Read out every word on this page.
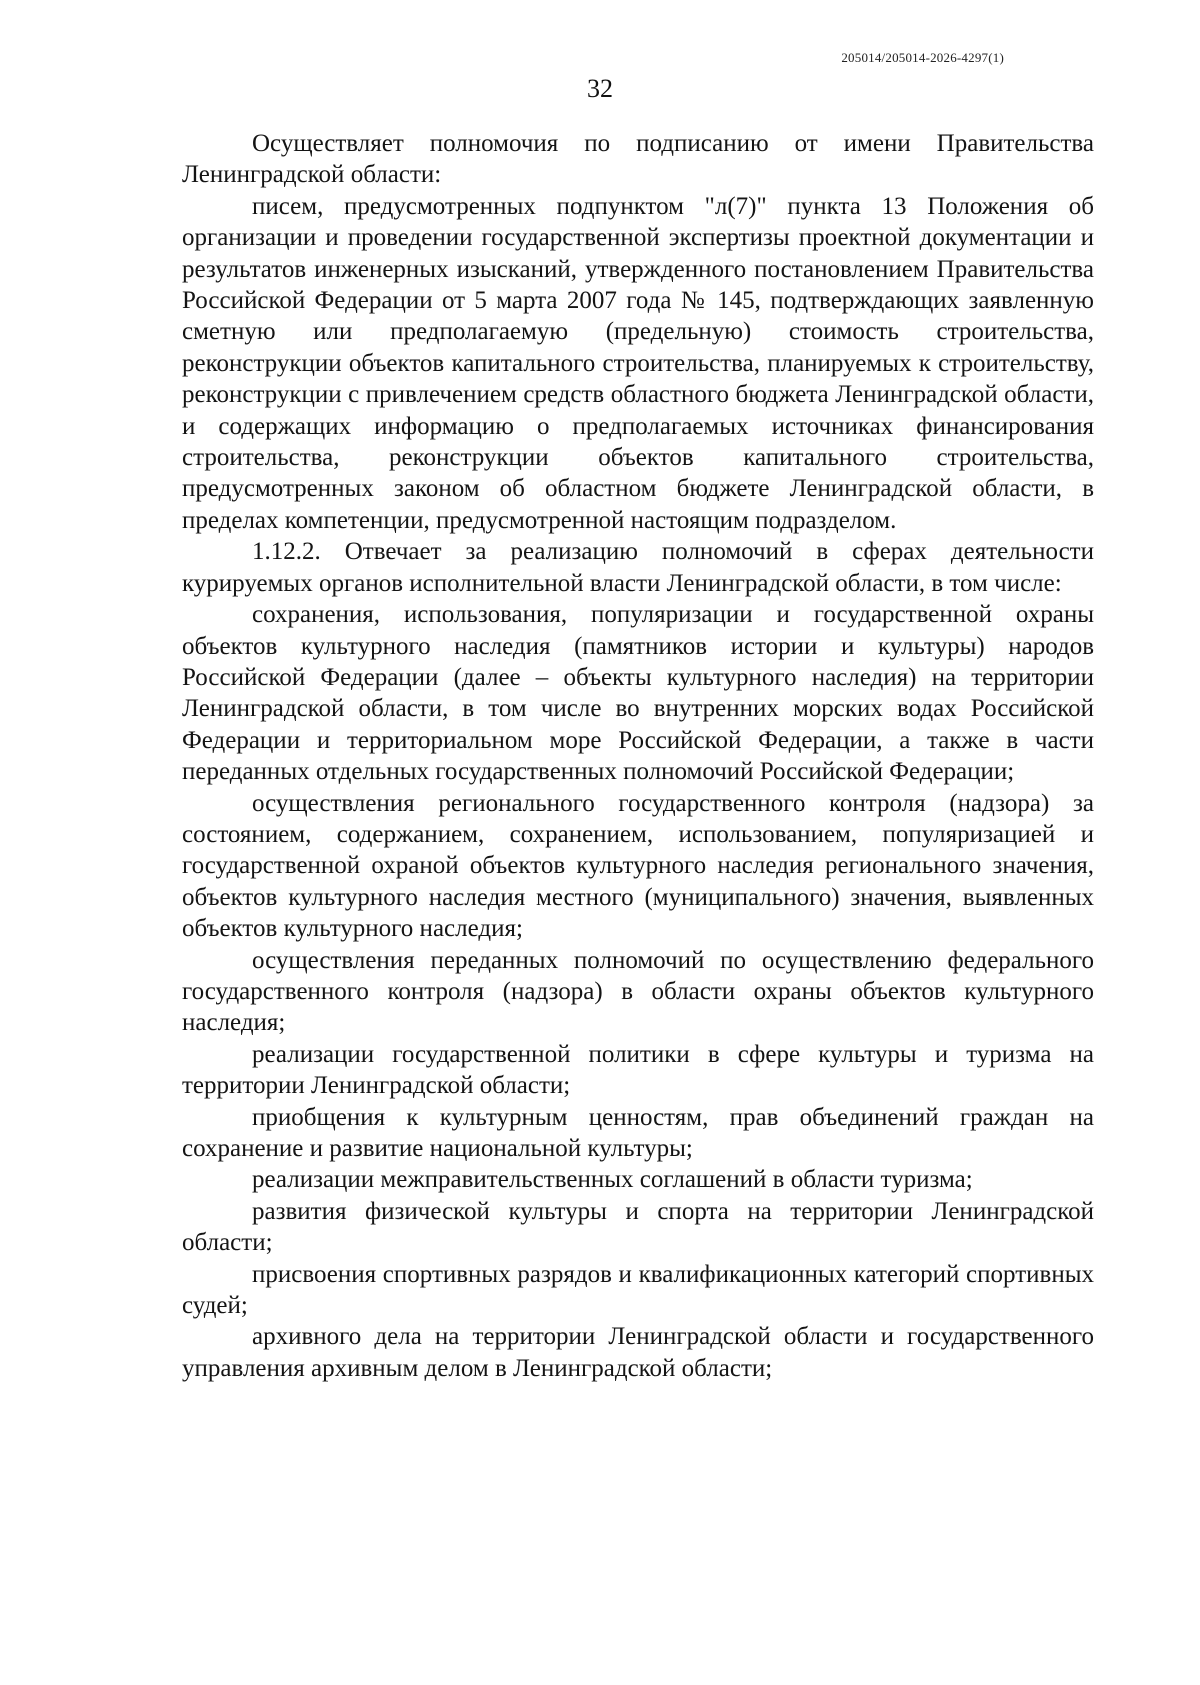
205014/205014-2026-4297(1)
32

Осуществляет полномочия по подписанию от имени Правительства Ленинградской области:

писем, предусмотренных подпунктом "л(7)" пункта 13 Положения об организации и проведении государственной экспертизы проектной документации и результатов инженерных изысканий, утвержденного постановлением Правительства Российской Федерации от 5 марта 2007 года № 145, подтверждающих заявленную сметную или предполагаемую (предельную) стоимость строительства, реконструкции объектов капитального строительства, планируемых к строительству, реконструкции с привлечением средств областного бюджета Ленинградской области, и содержащих информацию о предполагаемых источниках финансирования строительства, реконструкции объектов капитального строительства, предусмотренных законом об областном бюджете Ленинградской области, в пределах компетенции, предусмотренной настоящим подразделом.

1.12.2. Отвечает за реализацию полномочий в сферах деятельности курируемых органов исполнительной власти Ленинградской области, в том числе:

сохранения, использования, популяризации и государственной охраны объектов культурного наследия (памятников истории и культуры) народов Российской Федерации (далее – объекты культурного наследия) на территории Ленинградской области, в том числе во внутренних морских водах Российской Федерации и территориальном море Российской Федерации, а также в части переданных отдельных государственных полномочий Российской Федерации;

осуществления регионального государственного контроля (надзора) за состоянием, содержанием, сохранением, использованием, популяризацией и государственной охраной объектов культурного наследия регионального значения, объектов культурного наследия местного (муниципального) значения, выявленных объектов культурного наследия;

осуществления переданных полномочий по осуществлению федерального государственного контроля (надзора) в области охраны объектов культурного наследия;

реализации государственной политики в сфере культуры и туризма на территории Ленинградской области;

приобщения к культурным ценностям, прав объединений граждан на сохранение и развитие национальной культуры;

реализации межправительственных соглашений в области туризма;

развития физической культуры и спорта на территории Ленинградской области;

присвоения спортивных разрядов и квалификационных категорий спортивных судей;

архивного дела на территории Ленинградской области и государственного управления архивным делом в Ленинградской области;
